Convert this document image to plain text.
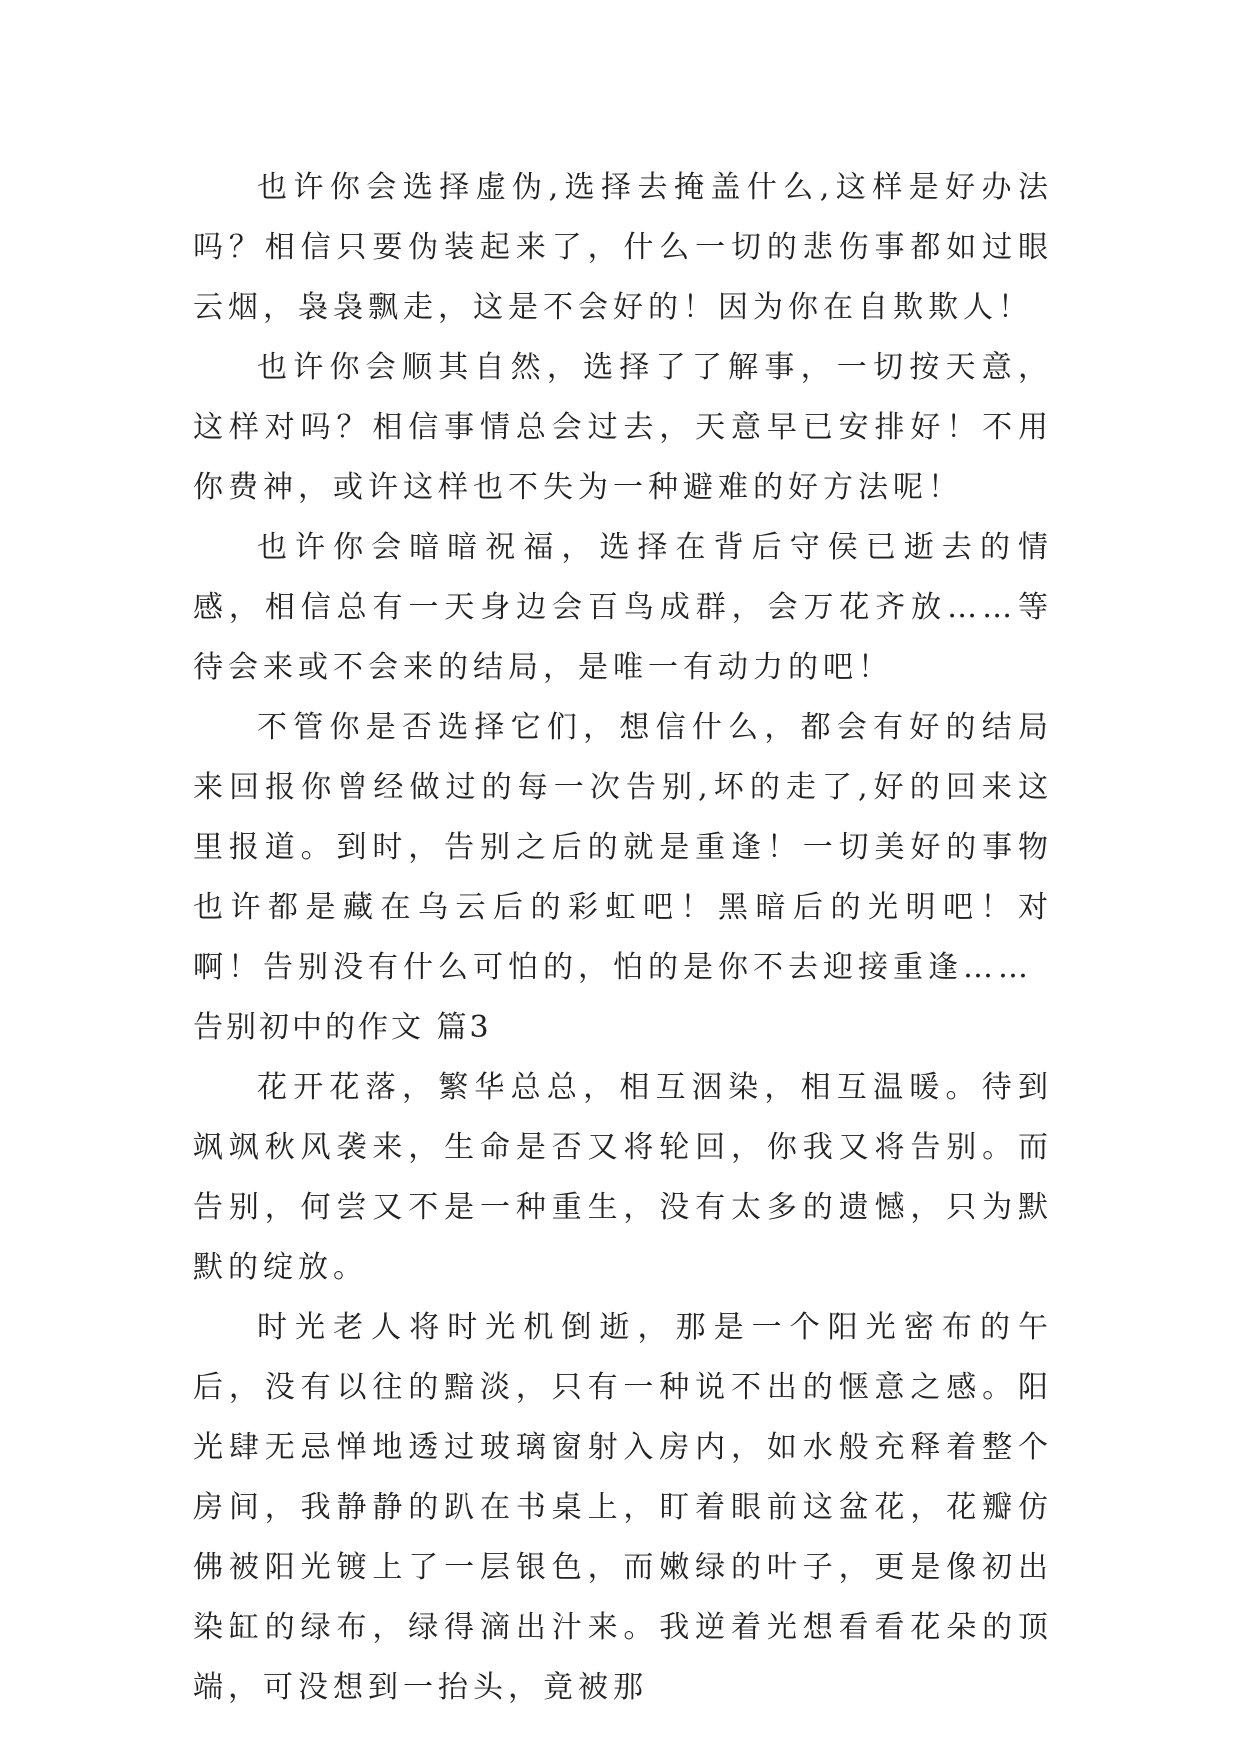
也许你会选择虚伪,选择去掩盖什么,这样是好办法吗？相信只要伪装起来了，什么一切的悲伤事都如过眼云烟，袅袅飘走，这是不会好的！因为你在自欺欺人！

也许你会顺其自然，选择了了解事，一切按天意，这样对吗？相信事情总会过去，天意早已安排好！不用你费神，或许这样也不失为一种避难的好方法呢！

也许你会暗暗祝福，选择在背后守侯已逝去的情感，相信总有一天身边会百鸟成群，会万花齐放……等待会来或不会来的结局，是唯一有动力的吧！

不管你是否选择它们，想信什么，都会有好的结局来回报你曾经做过的每一次告别,坏的走了,好的回来这里报道。到时，告别之后的就是重逢！一切美好的事物也许都是藏在乌云后的彩虹吧！黑暗后的光明吧！对啊！告别没有什么可怕的，怕的是你不去迎接重逢……

告别初中的作文 篇3

花开花落，繁华总总，相互洇染，相互温暖。待到飒飒秋风袭来，生命是否又将轮回，你我又将告别。而告别，何尝又不是一种重生，没有太多的遗憾，只为默默的绽放。

时光老人将时光机倒逝，那是一个阳光密布的午后，没有以往的黯淡，只有一种说不出的惬意之感。阳光肆无忌惮地透过玻璃窗射入房内，如水般充释着整个房间，我静静的趴在书桌上，盯着眼前这盆花，花瓣仿佛被阳光镀上了一层银色，而嫩绿的叶子，更是像初出染缸的绿布，绿得滴出汁来。我逆着光想看看花朵的顶端，可没想到一抬头，竟被那
